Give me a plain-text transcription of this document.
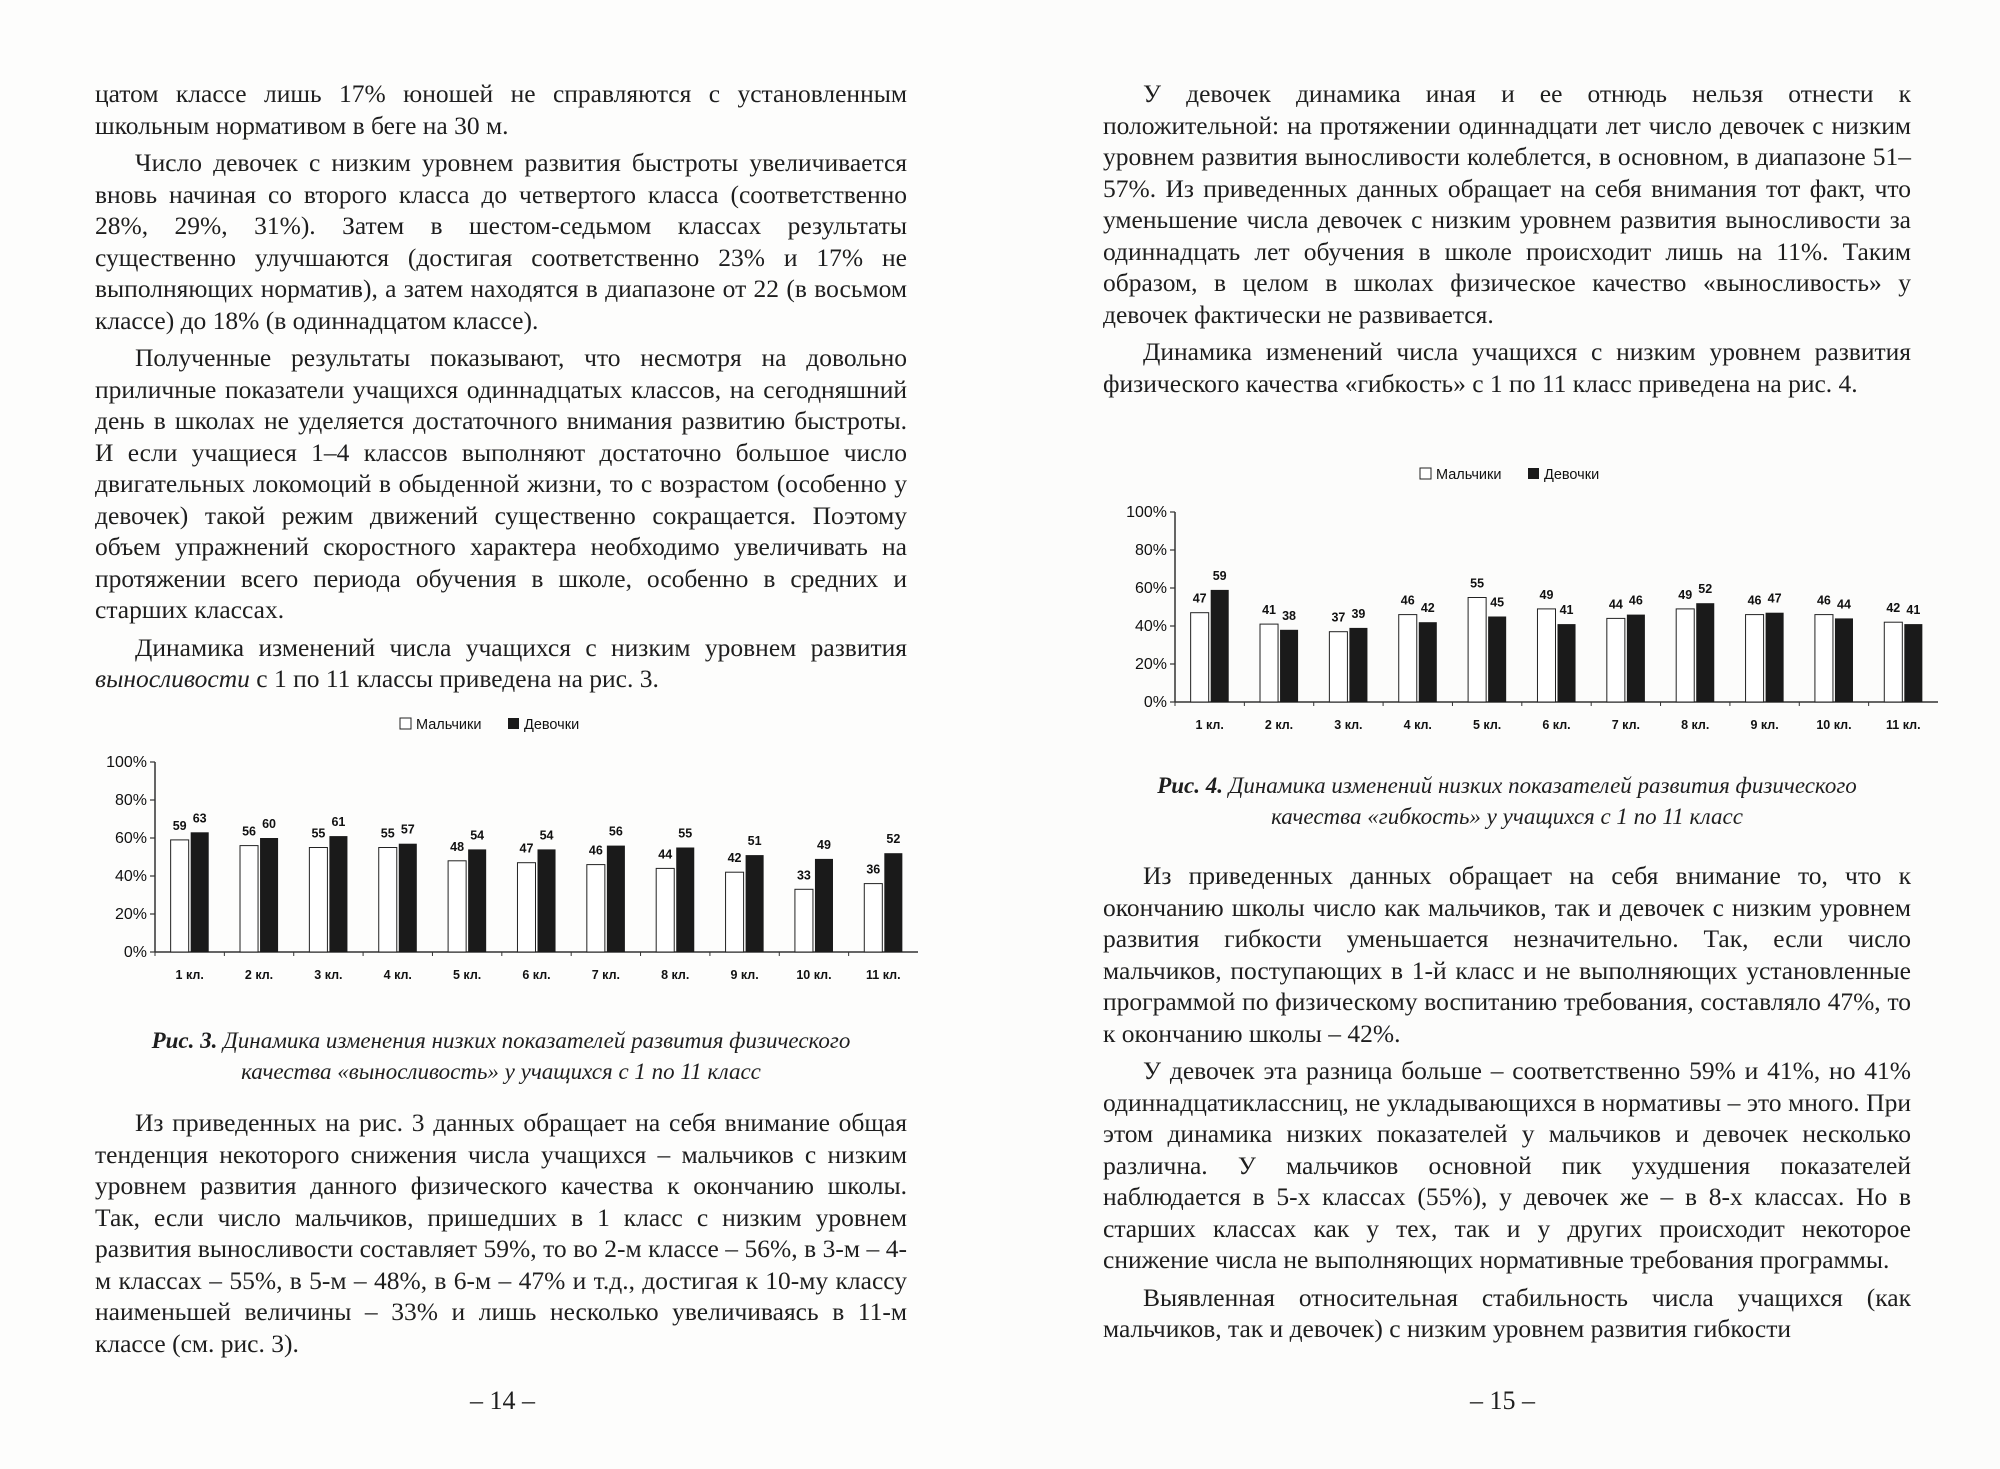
цатом классе лишь 17% юношей не справляются с установленным школьным нормативом в беге на 30 м.

Число девочек с низким уровнем развития быстроты увеличивается вновь начиная со второго класса до четвертого класса (соответственно 28%, 29%, 31%). Затем в шестом-седьмом классах результаты существенно улучшаются (достигая соответственно 23% и 17% не выполняющих норматив), а затем находятся в диапазоне от 22 (в восьмом классе) до 18% (в одиннадцатом классе).

Полученные результаты показывают, что несмотря на довольно приличные показатели учащихся одиннадцатых классов, на сегодняшний день в школах не уделяется достаточного внимания развитию быстроты. И если учащиеся 1–4 классов выполняют достаточно большое число двигательных локомоций в обыденной жизни, то с возрастом (особенно у девочек) такой режим движений существенно сокращается. Поэтому объем упражнений скоростного характера необходимо увеличивать на протяжении всего периода обучения в школе, особенно в средних и старших классах.

Динамика изменений числа учащихся с низким уровнем развития выносливости с 1 по 11 классы приведена на рис. 3.

Мальчики	Девочки
0%
20%
40%
60%
80%
100%
1 кл.
59
63
2 кл.
56
60
3 кл.
55
61
4 кл.
55 57
5 кл.
48
54
6 кл.
47
54
7 кл.
46
56
8 кл.
44
55
9 кл.
42
51
10 кл.
33
49
11 кл.
36
52
Рис. 3. Динамика изменения низких показателей развития физического
качества «выносливость» у учащихся с 1 по 11 класс

Из приведенных на рис. 3 данных обращает на себя внимание общая тенденция некоторого снижения числа учащихся – мальчиков с низким уровнем развития данного физического качества к окончанию школы. Так, если число мальчиков, пришедших в 1 класс с низким уровнем развития выносливости составляет 59%, то во 2-м классе – 56%, в 3-м – 4-м классах – 55%, в 5-м – 48%, в 6-м – 47% и т.д., достигая к 10-му классу наименьшей величины – 33% и лишь несколько увеличиваясь в 11-м классе (см. рис. 3).

– 14 –

У девочек динамика иная и ее отнюдь нельзя отнести к положительной: на протяжении одиннадцати лет число девочек с низким уровнем развития выносливости колеблется, в основном, в диапазоне 51–57%. Из приведенных данных обращает на себя внимания тот факт, что уменьшение числа девочек с низким уровнем развития выносливости за одиннадцать лет обучения в школе происходит лишь на 11%. Таким образом, в целом в школах физическое качество «выносливость» у девочек фактически не развивается.

Динамика изменений числа учащихся с низким уровнем развития физического качества «гибкость» с 1 по 11 класс приведена на рис. 4.

Мальчики	Девочки
0%
20%
40%
60%
80%
100%
1 кл.
47
59
2 кл.
41 38
3 кл.
37 39
4 кл.
46
42
5 кл.
55
45
6 кл.
49
41
7 кл.
44 46
8 кл.
49 52
9 кл.
46 47
10 кл.
46 44
11 кл.
42 41
Рис. 4. Динамика изменений низких показателей развития физического
качества «гибкость» у учащихся с 1 по 11 класс

Из приведенных данных обращает на себя внимание то, что к окончанию школы число как мальчиков, так и девочек с низким уровнем развития гибкости уменьшается незначительно. Так, если число мальчиков, поступающих в 1-й класс и не выполняющих установленные программой по физическому воспитанию требования, составляло 47%, то к окончанию школы – 42%.

У девочек эта разница больше – соответственно 59% и 41%, но 41% одиннадцатиклассниц, не укладывающихся в нормативы – это много. При этом динамика низких показателей у мальчиков и девочек несколько различна. У мальчиков основной пик ухудшения показателей наблюдается в 5-х классах (55%), у девочек же – в 8-х классах. Но в старших классах как у тех, так и у других происходит некоторое снижение числа не выполняющих нормативные требования программы.

Выявленная относительная стабильность числа учащихся (как мальчиков, так и девочек) с низким уровнем развития гибкости

– 15 –
